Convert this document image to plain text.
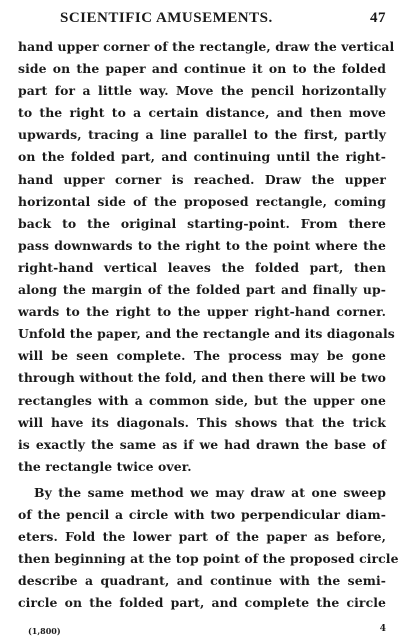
SCIENTIFIC AMUSEMENTS.	47
hand upper corner of the rectangle, draw the vertical
side on the paper and continue it on to the folded
part for a little way. Move the pencil horizontally
to the right to a certain distance, and then move
upwards, tracing a line parallel to the first, partly
on the folded part, and continuing until the right-
hand upper corner is reached. Draw the upper
horizontal side of the proposed rectangle, coming
back to the original starting-point. From there
pass downwards to the right to the point where the
right-hand vertical leaves the folded part, then
along the margin of the folded part and finally up-
wards to the right to the upper right-hand corner.
Unfold the paper, and the rectangle and its diagonals
will be seen complete. The process may be gone
through without the fold, and then there will be two
rectangles with a common side, but the upper one
will have its diagonals. This shows that the trick
is exactly the same as if we had drawn the base of
the rectangle twice over.
By the same method we may draw at one sweep
of the pencil a circle with two perpendicular diam-
eters. Fold the lower part of the paper as before,
then beginning at the top point of the proposed circle
describe a quadrant, and continue with the semi-
circle on the folded part, and complete the circle
(1,800)	4
